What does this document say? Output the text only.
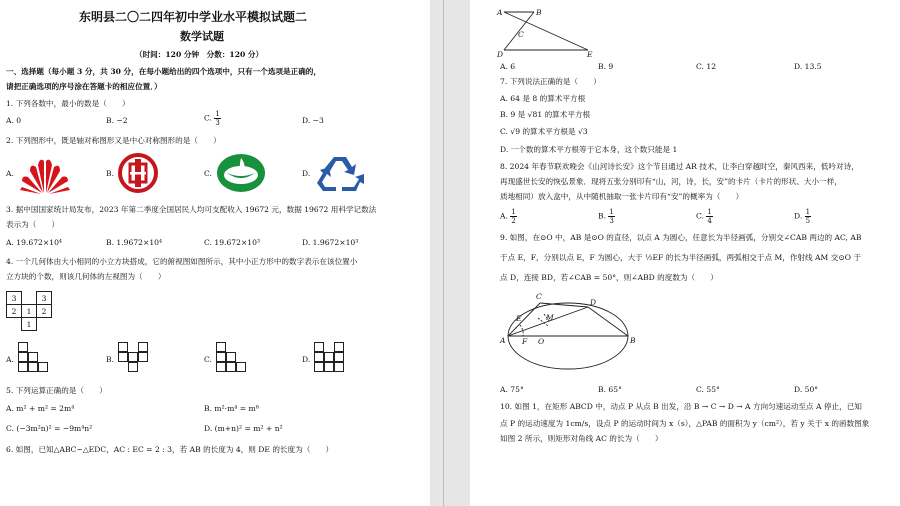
东明县二〇二四年初中学业水平模拟试题二
数学试题
（时间：120 分钟　分数：120 分）
一、选择题（每小题 3 分，共 30 分，在每小题给出的四个选项中，只有一个选项是正确的，
请把正确选项的序号涂在答题卡的相应位置．）
1. 下列各数中，最小的数是（　　）
A. 0	B. −2	C. $\frac{1}{3}$	D. −3
2. 下列图形中，既是轴对称图形又是中心对称图形的是（　　）
A.	B.	C.	D.
3. 据中国国家统计局发布，2023 年第二季度全国居民人均可支配收入 19672 元，数据 19672 用科学记数法
表示为（　　）
A. 19.672×10⁴	B. 1.9672×10⁴	C. 19.672×10³	D. 1.9672×10³
4. 一个几何体由大小相同的小立方块搭成，它的俯视图如图所示，其中小正方形中的数字表示在该位置小
立方块的个数，则该几何体的左视图为（　　）
3		3
2	1	2
	1	
A.	B.	C.	D.
5. 下列运算正确的是（　　）
A. m² + m² = 2m⁴	B. m²·m⁴ = m⁸
C. (−3m²n)² = −9m⁴n²	D. (m+n)² = m² + n²
6. 如图，已知△ABC∽△EDC，AC : EC = 2 : 3，若 AB 的长度为 4，则 DE 的长度为（　　）
A	B
C
D	E
A. 6	B. 9	C. 12	D. 13.5
7. 下列说法正确的是（　　）
A. 64 是 8 的算术平方根
B. 9 是 √81 的算术平方根
C. √9 的算术平方根是 √3
D. 一个数的算术平方根等于它本身，这个数只能是 1
8. 2024 年春节联欢晚会《山河诗长安》这个节目通过 AR 技术，让李白穿越时空，秦风西来，低吟对诗，
再现盛世长安的恢弘景象．现将五张分别印有“山，河，诗，长，安”的卡片（卡片的形状、大小一样，
质地相同）放入盒中，从中随机抽取一张卡片印有“安”的概率为（　　）
A. $\frac{1}{2}$	B. $\frac{1}{3}$	C. $\frac{1}{4}$	D. $\frac{1}{5}$
9. 如图，在⊙O 中，AB 是⊙O 的直径，以点 A 为圆心，任意长为半径画弧，分别交∠CAB 两边的 AC, AB
于点 E，F，分别以点 E，F 为圆心，大于 ½EF 的长为半径画弧，两弧相交于点 M，作射线 AM 交⊙O 于
点 D，连接 BD，若∠CAB = 50°，则∠ABD 的度数为（　　）
C
E	M
D
A F O	B
A. 75°	B. 65°	C. 55°	D. 50°
10. 如图 1，在矩形 ABCD 中，动点 P 从点 B 出发，沿 B → C → D → A 方向匀速运动至点 A 停止，已知
点 P 的运动速度为 1cm/s，设点 P 的运动时间为 x（s），△PAB 的面积为 y（cm²），若 y 关于 x 的函数图象
如图 2 所示，则矩形对角线 AC 的长为（　　）
